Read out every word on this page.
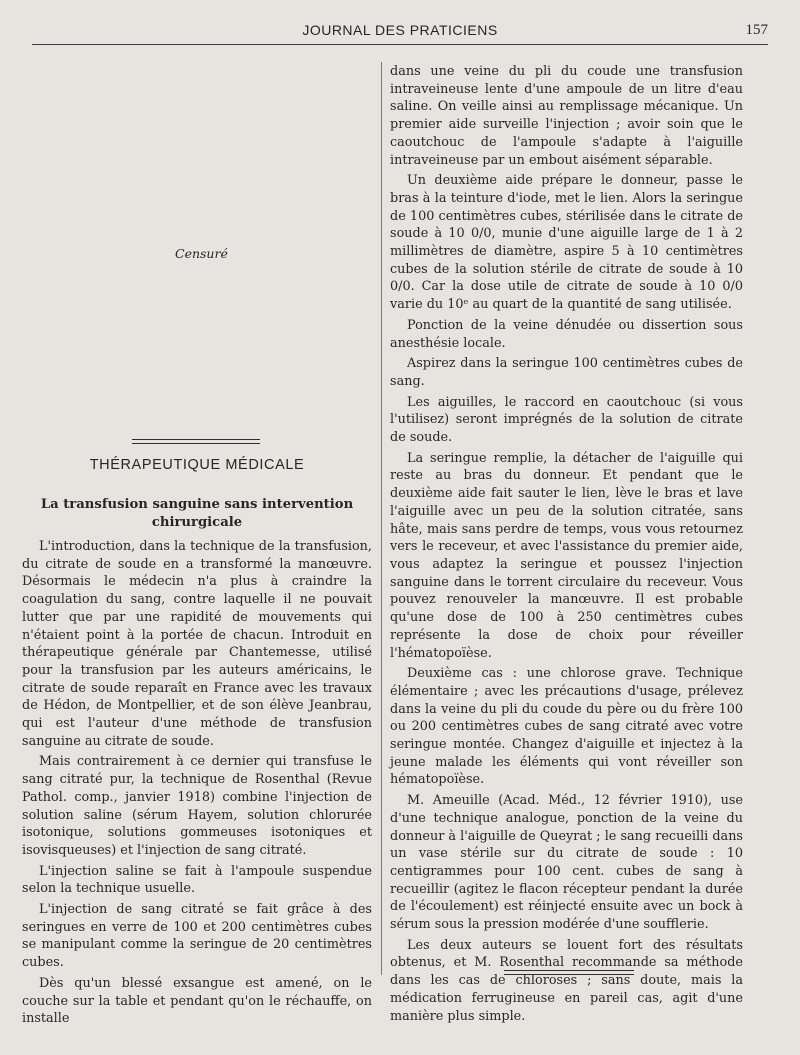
JOURNAL DES PRATICIENS	157
Censuré
THÉRAPEUTIQUE MÉDICALE
La transfusion sanguine sans intervention chirurgicale

L'introduction, dans la technique de la transfusion, du citrate de soude en a transformé la manœuvre. Désormais le médecin n'a plus à craindre la coagulation du sang, contre laquelle il ne pouvait lutter que par une rapidité de mouvements qui n'étaient point à la portée de chacun. Introduit en thérapeutique générale par Chantemesse, utilisé pour la transfusion par les auteurs américains, le citrate de soude reparaît en France avec les travaux de Hédon, de Montpellier, et de son élève Jeanbrau, qui est l'auteur d'une méthode de transfusion sanguine au citrate de soude.

Mais contrairement à ce dernier qui transfuse le sang citraté pur, la technique de Rosenthal (Revue Pathol. comp., janvier 1918) combine l'injection de solution saline (sérum Hayem, solution chlorurée isotonique, solutions gommeuses isotoniques et isovisqueuses) et l'injection de sang citraté.

L'injection saline se fait à l'ampoule suspendue selon la technique usuelle.

L'injection de sang citraté se fait grâce à des seringues en verre de 100 et 200 centimètres cubes se manipulant comme la seringue de 20 centimètres cubes.

Dès qu'un blessé exsangue est amené, on le couche sur la table et pendant qu'on le réchauffe, on installe

dans une veine du pli du coude une transfusion intraveineuse lente d'une ampoule de un litre d'eau saline. On veille ainsi au remplissage mécanique. Un premier aide surveille l'injection ; avoir soin que le caoutchouc de l'ampoule s'adapte à l'aiguille intraveineuse par un embout aisément séparable.

Un deuxième aide prépare le donneur, passe le bras à la teinture d'iode, met le lien. Alors la seringue de 100 centimètres cubes, stérilisée dans le citrate de soude à 10 0/0, munie d'une aiguille large de 1 à 2 millimètres de diamètre, aspire 5 à 10 centimètres cubes de la solution stérile de citrate de soude à 10 0/0. Car la dose utile de citrate de soude à 10 0/0 varie du 10ᵉ au quart de la quantité de sang utilisée.

Ponction de la veine dénudée ou dissertion sous anesthésie locale.

Aspirez dans la seringue 100 centimètres cubes de sang.

Les aiguilles, le raccord en caoutchouc (si vous l'utilisez) seront imprégnés de la solution de citrate de soude.

La seringue remplie, la détacher de l'aiguille qui reste au bras du donneur. Et pendant que le deuxième aide fait sauter le lien, lève le bras et lave l'aiguille avec un peu de la solution citratée, sans hâte, mais sans perdre de temps, vous vous retournez vers le receveur, et avec l'assistance du premier aide, vous adaptez la seringue et poussez l'injection sanguine dans le torrent circulaire du receveur. Vous pouvez renouveler la manœuvre. Il est probable qu'une dose de 100 à 250 centimètres cubes représente la dose de choix pour réveiller l'hématopoïèse.

Deuxième cas : une chlorose grave. Technique élémentaire ; avec les précautions d'usage, prélevez dans la veine du pli du coude du père ou du frère 100 ou 200 centimètres cubes de sang citraté avec votre seringue montée. Changez d'aiguille et injectez à la jeune malade les éléments qui vont réveiller son hématopoïèse.

M. Ameuille (Acad. Méd., 12 février 1910), use d'une technique analogue, ponction de la veine du donneur à l'aiguille de Queyrat ; le sang recueilli dans un vase stérile sur du citrate de soude : 10 centigrammes pour 100 cent. cubes de sang à recueillir (agitez le flacon récepteur pendant la durée de l'écoulement) est réinjecté ensuite avec un bock à sérum sous la pression modérée d'une soufflerie.

Les deux auteurs se louent fort des résultats obtenus, et M. Rosenthal recommande sa méthode dans les cas de chloroses ; sans doute, mais la médication ferrugineuse en pareil cas, agit d'une manière plus simple.
